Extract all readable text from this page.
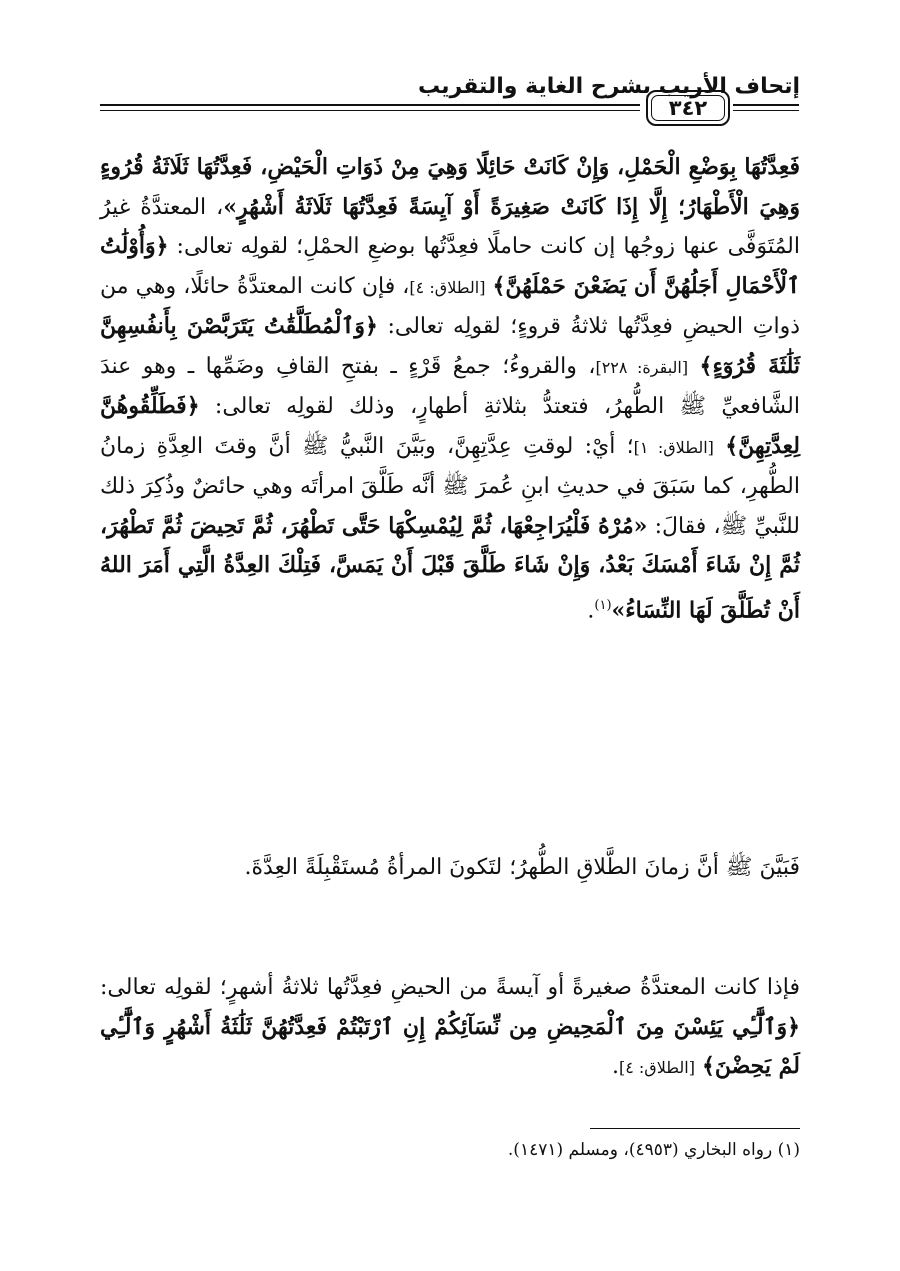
إتحاف الأريب بشرح الغاية والتقريب
٣٤٢
فَعِدَّتُهَا بِوَضْعِ الْحَمْلِ، وَإِنْ كَانَتْ حَائِلًا وَهِيَ مِنْ ذَوَاتِ الْحَيْضِ، فَعِدَّتُهَا ثَلَاثَةُ قُرُوءٍ وَهِيَ الْأَطْهَارُ؛ إِلَّا إِذَا كَانَتْ صَغِيرَةً أَوْ آيِسَةً فَعِدَّتُهَا ثَلَاثَةُ أَشْهُرٍ»، المعتدَّةُ غيرُ المُتَوَفَّى عنها زوجُها إن كانت حاملًا فعِدَّتُها بوضعِ الحمْلِ؛ لقولِه تعالى: ﴿وَأُوْلَٰتُ ٱلْأَحْمَالِ أَجَلُهُنَّ أَن يَضَعْنَ حَمْلَهُنَّ﴾ [الطلاق: ٤]، فإن كانت المعتدَّةُ حائلًا، وهي من ذواتِ الحيضِ فعِدَّتُها ثلاثةُ قروءٍ؛ لقولِه تعالى: ﴿وَٱلْمُطَلَّقَٰتُ يَتَرَبَّصْنَ بِأَنفُسِهِنَّ ثَلَٰثَةَ قُرُوٓءٍ﴾ [البقرة: ٢٢٨]، والقروءُ؛ جمعُ قَرْءٍ ـ بفتحِ القافِ وضَمِّها ـ وهو عندَ الشَّافعيِّ ﷺ الطُّهرُ، فتعتدُّ بثلاثةِ أطهارٍ، وذلك لقولِه تعالى: ﴿فَطَلِّقُوهُنَّ لِعِدَّتِهِنَّ﴾ [الطلاق: ١]؛ أيْ: لوقتِ عِدَّتِهِنَّ، وبَيَّنَ النَّبيُّ ﷺ أنَّ وقتَ العِدَّةِ زمانُ الطُّهرِ، كما سَبَقَ في حديثِ ابنِ عُمرَ ﷺ أنَّه طَلَّقَ امرأتَه وهي حائضٌ وذُكِرَ ذلك للنَّبيِّ ﷺ، فقالَ: «مُرْهُ فَلْيُرَاجِعْهَا، ثُمَّ لِيُمْسِكْهَا حَتَّى تَطْهُرَ، ثُمَّ تَحِيضَ ثُمَّ تَطْهُرَ، ثُمَّ إِنْ شَاءَ أَمْسَكَ بَعْدُ، وَإِنْ شَاءَ طَلَّقَ قَبْلَ أَنْ يَمَسَّ، فَتِلْكَ العِدَّةُ الَّتِي أَمَرَ اللهُ أَنْ تُطَلَّقَ لَهَا النِّسَاءُ»$^{(١)}$.
فَبَيَّنَ ﷺ أنَّ زمانَ الطَّلاقِ الطُّهرُ؛ لتَكونَ المرأةُ مُستَقْبِلَةً العِدَّةَ.
فإذا كانت المعتدَّةُ صغيرةً أو آيسةً من الحيضِ فعِدَّتُها ثلاثةُ أشهرٍ؛ لقولِه تعالى: ﴿وَٱلَّٰٓـِٔي يَئِسْنَ مِنَ ٱلْمَحِيضِ مِن نِّسَآئِكُمْ إِنِ ٱرْتَبْتُمْ فَعِدَّتُهُنَّ ثَلَٰثَةُ أَشْهُرٍ وَٱلَّٰٓـِٔي لَمْ يَحِضْنَ﴾ [الطلاق: ٤].
(١) رواه البخاري (٤٩٥٣)، ومسلم (١٤٧١).
